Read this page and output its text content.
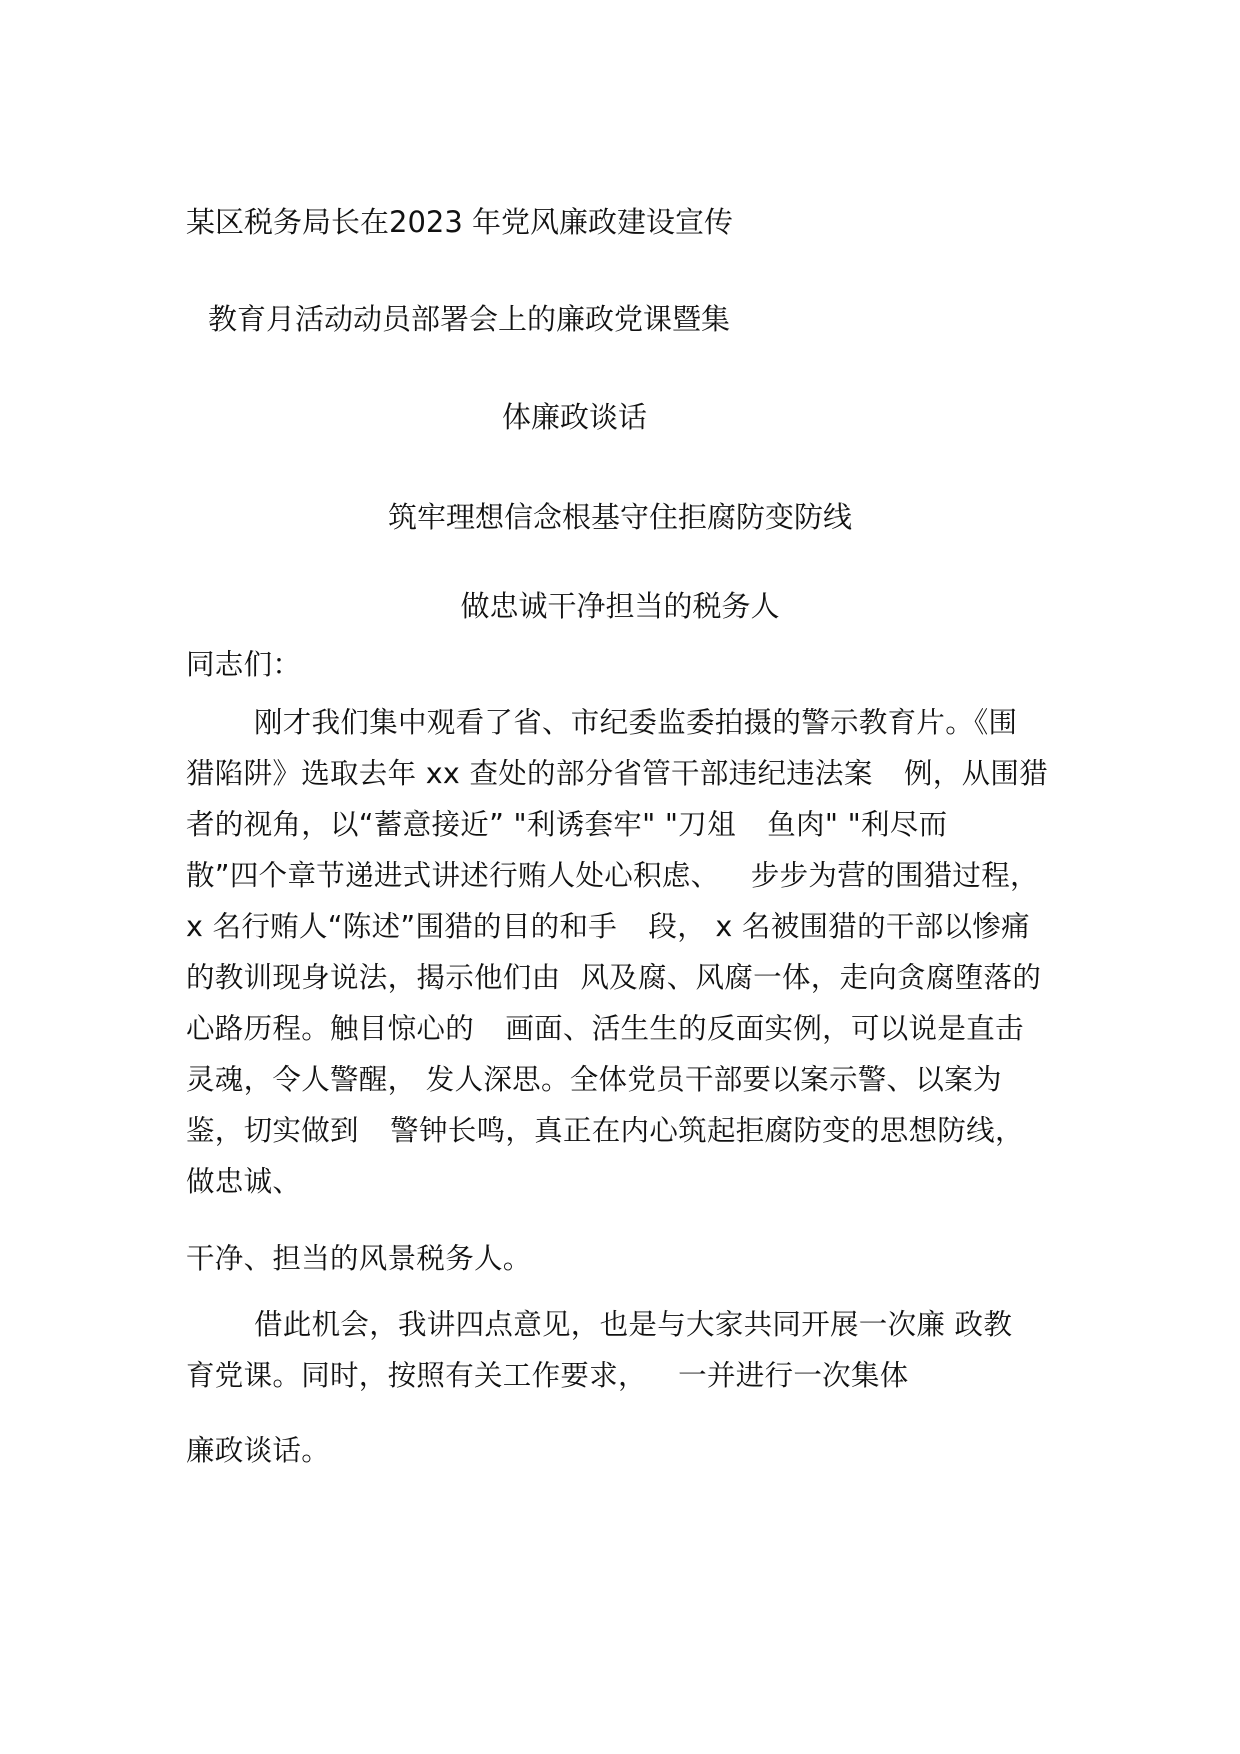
某区税务局长在2023 年党风廉政建设宣传

教育月活动动员部署会上的廉政党课暨集

体廉政谈话

筑牢理想信念根基守住拒腐防变防线

做忠诚干净担当的税务人

同志们：

刚才我们集中观看了省、市纪委监委拍摄的警示教育片。《围

猎陷阱》选取去年 xx 查处的部分省管干部违纪违法案 例，从围猎

者的视角，以“蓄意接近” "利诱套牢" "刀俎 鱼肉" "利尽而

散”四个章节递进式讲述行贿人处心积虑、 步步为营的围猎过程，

x 名行贿人“陈述”围猎的目的和手 段， x 名被围猎的干部以惨痛

的教训现身说法，揭示他们由 风及腐、风腐一体，走向贪腐堕落的

心路历程。触目惊心的 画面、活生生的反面实例，可以说是直击

灵魂，令人警醒， 发人深思。全体党员干部要以案示警、以案为

鉴，切实做到 警钟长鸣，真正在内心筑起拒腐防变的思想防线，

做忠诚、

干净、担当的风景税务人。

借此机会，我讲四点意见，也是与大家共同开展一次廉 政教

育党课。同时，按照有关工作要求， 一并进行一次集体

廉政谈话。
